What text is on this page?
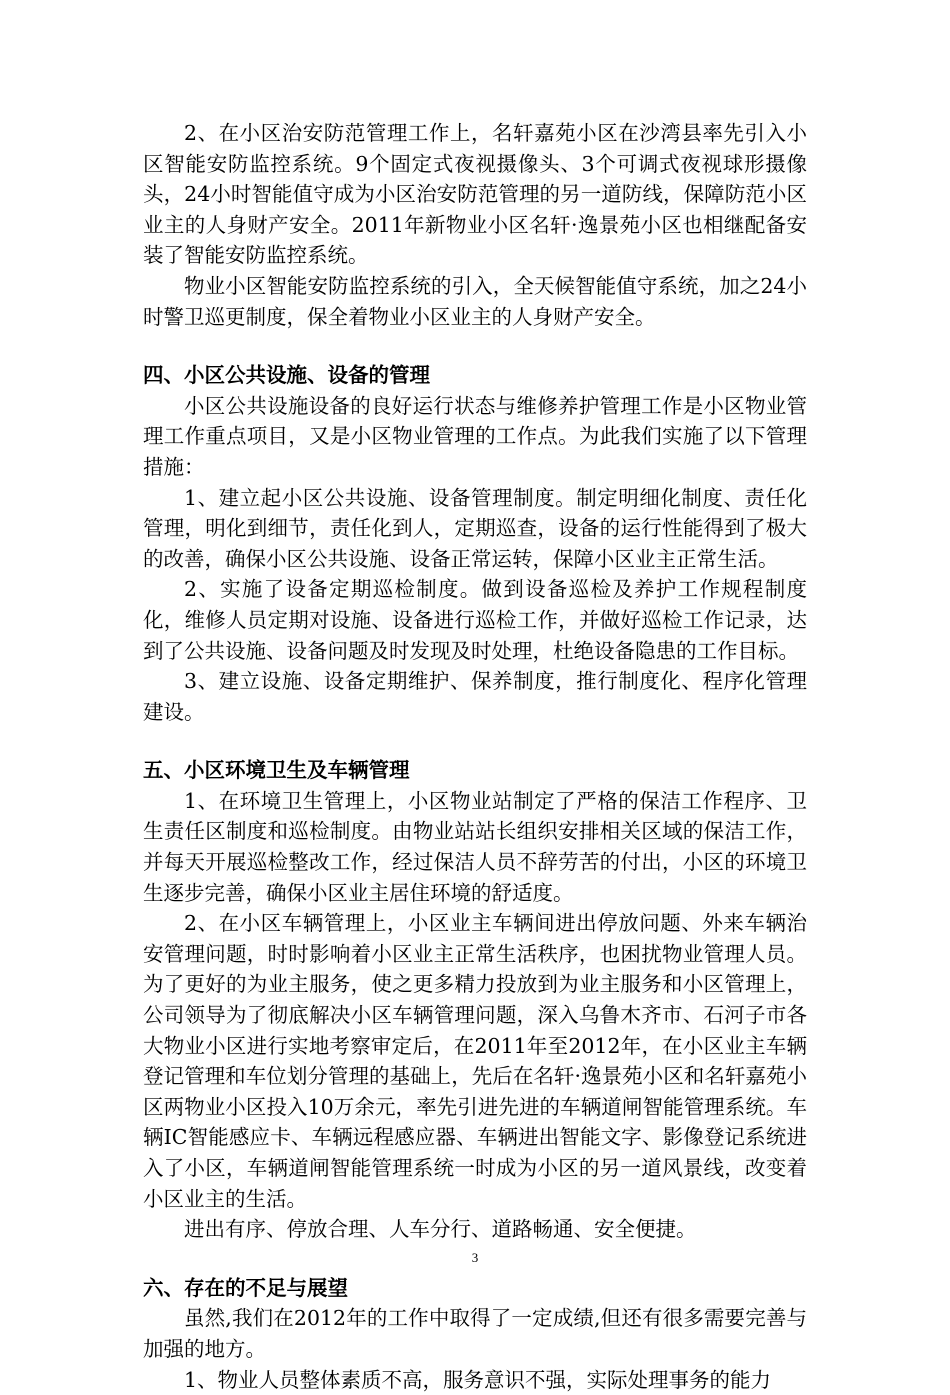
2、在小区治安防范管理工作上，名轩嘉苑小区在沙湾县率先引入小区智能安防监控系统。9个固定式夜视摄像头、3个可调式夜视球形摄像头，24小时智能值守成为小区治安防范管理的另一道防线，保障防范小区业主的人身财产安全。2011年新物业小区名轩·逸景苑小区也相继配备安装了智能安防监控系统。

物业小区智能安防监控系统的引入，全天候智能值守系统，加之24小时警卫巡更制度，保全着物业小区业主的人身财产安全。

四、小区公共设施、设备的管理

小区公共设施设备的良好运行状态与维修养护管理工作是小区物业管理工作重点项目，又是小区物业管理的工作点。为此我们实施了以下管理措施：

1、建立起小区公共设施、设备管理制度。制定明细化制度、责任化管理，明化到细节，责任化到人，定期巡查，设备的运行性能得到了极大的改善，确保小区公共设施、设备正常运转，保障小区业主正常生活。

2、实施了设备定期巡检制度。做到设备巡检及养护工作规程制度化，维修人员定期对设施、设备进行巡检工作，并做好巡检工作记录，达到了公共设施、设备问题及时发现及时处理，杜绝设备隐患的工作目标。

3、建立设施、设备定期维护、保养制度，推行制度化、程序化管理建设。

五、小区环境卫生及车辆管理

1、在环境卫生管理上，小区物业站制定了严格的保洁工作程序、卫生责任区制度和巡检制度。由物业站站长组织安排相关区域的保洁工作，并每天开展巡检整改工作，经过保洁人员不辞劳苦的付出，小区的环境卫生逐步完善，确保小区业主居住环境的舒适度。

2、在小区车辆管理上，小区业主车辆间进出停放问题、外来车辆治安管理问题，时时影响着小区业主正常生活秩序，也困扰物业管理人员。为了更好的为业主服务，使之更多精力投放到为业主服务和小区管理上，公司领导为了彻底解决小区车辆管理问题，深入乌鲁木齐市、石河子市各大物业小区进行实地考察审定后，在2011年至2012年，在小区业主车辆登记管理和车位划分管理的基础上，先后在名轩·逸景苑小区和名轩嘉苑小区两物业小区投入10万余元，率先引进先进的车辆道闸智能管理系统。车辆IC智能感应卡、车辆远程感应器、车辆进出智能文字、影像登记系统进入了小区，车辆道闸智能管理系统一时成为小区的另一道风景线，改变着小区业主的生活。

进出有序、停放合理、人车分行、道路畅通、安全便捷。

六、存在的不足与展望

虽然,我们在2012年的工作中取得了一定成绩,但还有很多需要完善与加强的地方。

1、物业人员整体素质不高，服务意识不强，实际处理事务的能力

3
